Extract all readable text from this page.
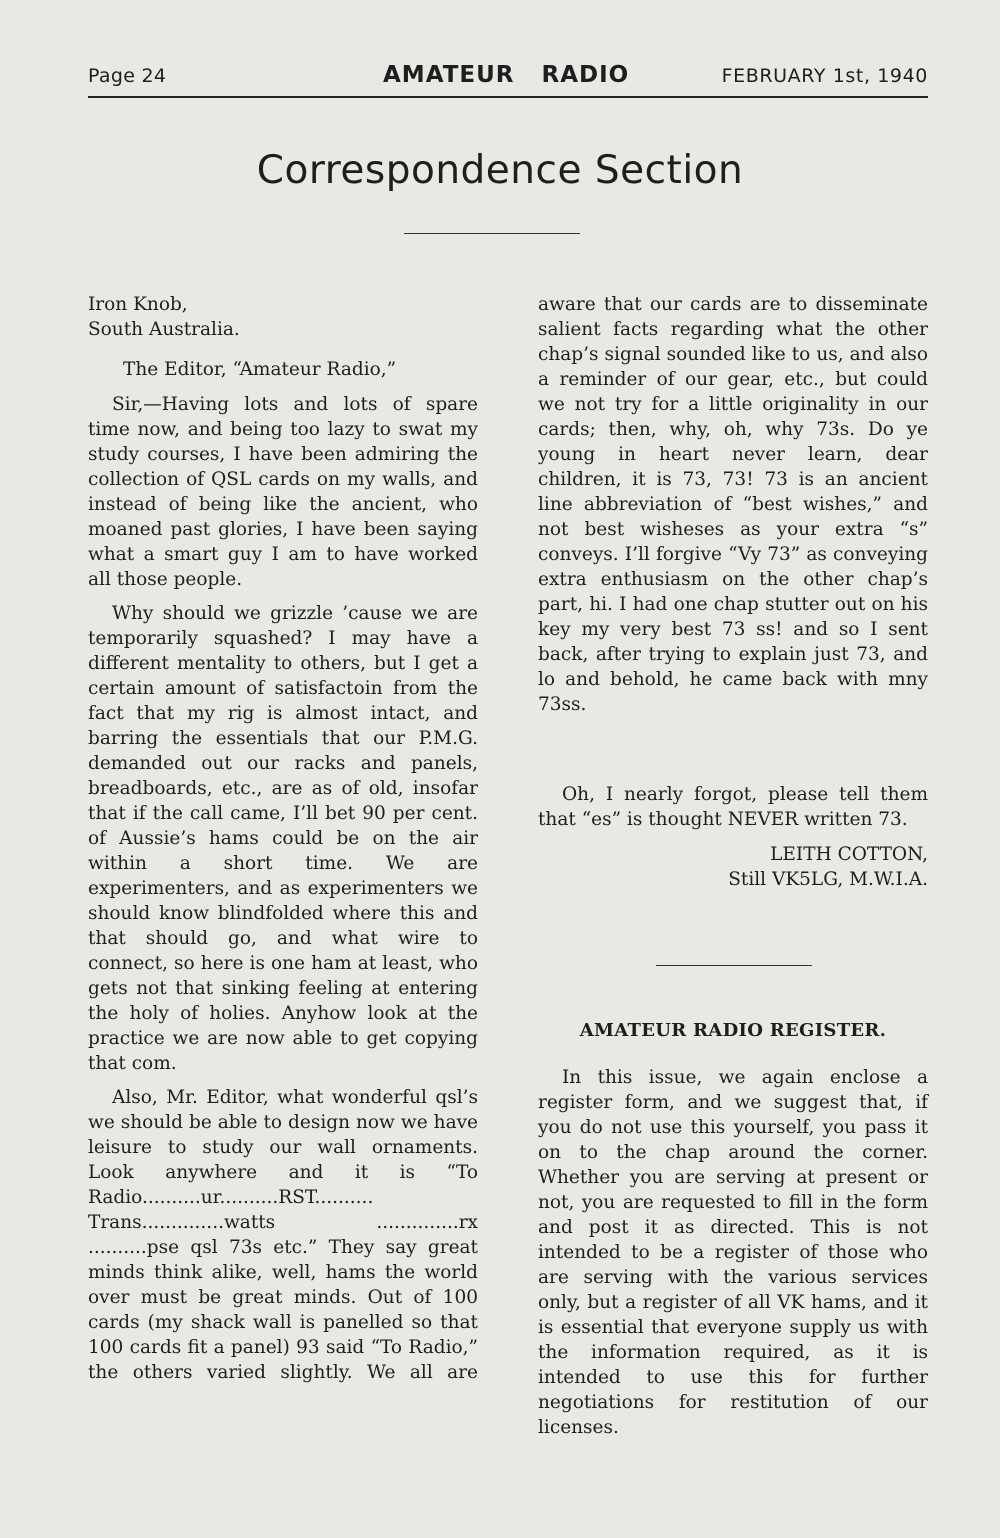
Page 24	AMATEUR RADIO	FEBRUARY 1st, 1940
Correspondence Section

Iron Knob,

South Australia.

The Editor, “Amateur Radio,”

Sir,—Having lots and lots of spare time now, and being too lazy to swat my study courses, I have been admiring the collection of QSL cards on my walls, and instead of being like the ancient, who moaned past glories, I have been saying what a smart guy I am to have worked all those people.

Why should we grizzle ’cause we are temporarily squashed? I may have a different mentality to others, but I get a certain amount of satisfactoin from the fact that my rig is almost intact, and barring the essentials that our P.M.G. demanded out our racks and panels, breadboards, etc., are as of old, insofar that if the call came, I’ll bet 90 per cent. of Aussie’s hams could be on the air within a short time. We are experimenters, and as experimenters we should know blindfolded where this and that should go, and what wire to connect, so here is one ham at least, who gets not that sinking feeling at entering the holy of holies. Anyhow look at the practice we are now able to get copying that com.

Also, Mr. Editor, what wonderful qsl’s we should be able to design now we have leisure to study our wall ornaments. Look anywhere and it is “To Radio..........ur..........RST.......... Trans..............watts ..............rx ..........pse qsl 73s etc.” They say great minds think alike, well, hams the world over must be great minds. Out of 100 cards (my shack wall is panelled so that 100 cards fit a panel) 93 said “To Radio,” the others varied slightly. We all are

aware that our cards are to disseminate salient facts regarding what the other chap’s signal sounded like to us, and also a reminder of our gear, etc., but could we not try for a little originality in our cards; then, why, oh, why 73s. Do ye young in heart never learn, dear children, it is 73, 73! 73 is an ancient line abbreviation of “best wishes,” and not best wisheses as your extra “s” conveys. I’ll forgive “Vy 73” as conveying extra enthusiasm on the other chap’s part, hi. I had one chap stutter out on his key my very best 73 ss! and so I sent back, after trying to explain just 73, and lo and behold, he came back with mny 73ss.

Oh, I nearly forgot, please tell them that “es” is thought NEVER written 73.

LEITH COTTON,

Still VK5LG, M.W.I.A.

AMATEUR RADIO REGISTER.

In this issue, we again enclose a register form, and we suggest that, if you do not use this yourself, you pass it on to the chap around the corner. Whether you are serving at present or not, you are requested to fill in the form and post it as directed. This is not intended to be a register of those who are serving with the various services only, but a register of all VK hams, and it is essential that everyone supply us with the information required, as it is intended to use this for further negotiations for restitution of our licenses.
